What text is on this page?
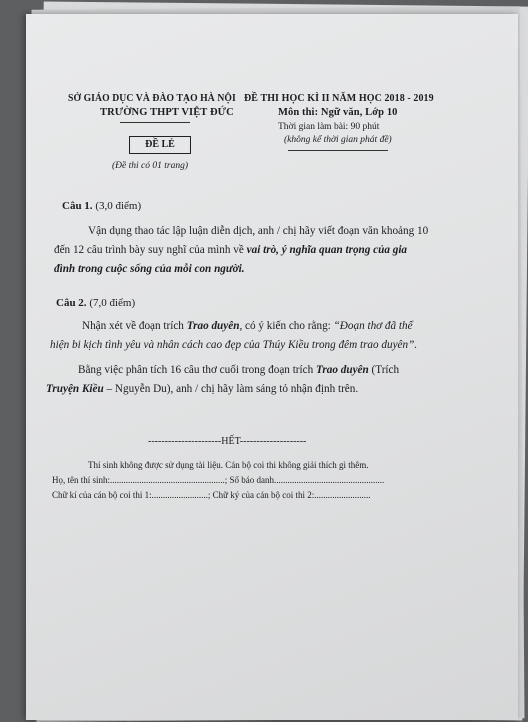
SỞ GIÁO DỤC VÀ ĐÀO TẠO HÀ NỘI
TRƯỜNG THPT VIỆT ĐỨC
ĐỀ LẺ
(Đề thi có 01 trang)
ĐỀ THI HỌC KÌ II NĂM HỌC 2018 - 2019
Môn thi: Ngữ văn, Lớp 10
Thời gian làm bài: 90 phút
(không kể thời gian phát đề)
Câu 1. (3,0 điểm)
Vận dụng thao tác lập luận diễn dịch, anh / chị hãy viết đoạn văn khoảng 10
đến 12 câu trình bày suy nghĩ của mình về vai trò, ý nghĩa quan trọng của gia
đình trong cuộc sống của mỗi con người.
Câu 2. (7,0 điểm)
Nhận xét về đoạn trích Trao duyên, có ý kiến cho rằng: “Đoạn thơ đã thể
hiện bi kịch tình yêu và nhân cách cao đẹp của Thúy Kiều trong đêm trao duyên”.
Bằng việc phân tích 16 câu thơ cuối trong đoạn trích Trao duyên (Trích
Truyện Kiều – Nguyễn Du), anh / chị hãy làm sáng tỏ nhận định trên.
----------------------HẾT--------------------
Thí sinh không được sử dụng tài liệu. Cán bộ coi thi không giải thích gì thêm.
Họ, tên thí sinh:...................................................; Số báo danh.................................................
Chữ kí của cán bộ coi thi 1:.........................; Chữ ký của cán bộ coi thi 2:.........................
